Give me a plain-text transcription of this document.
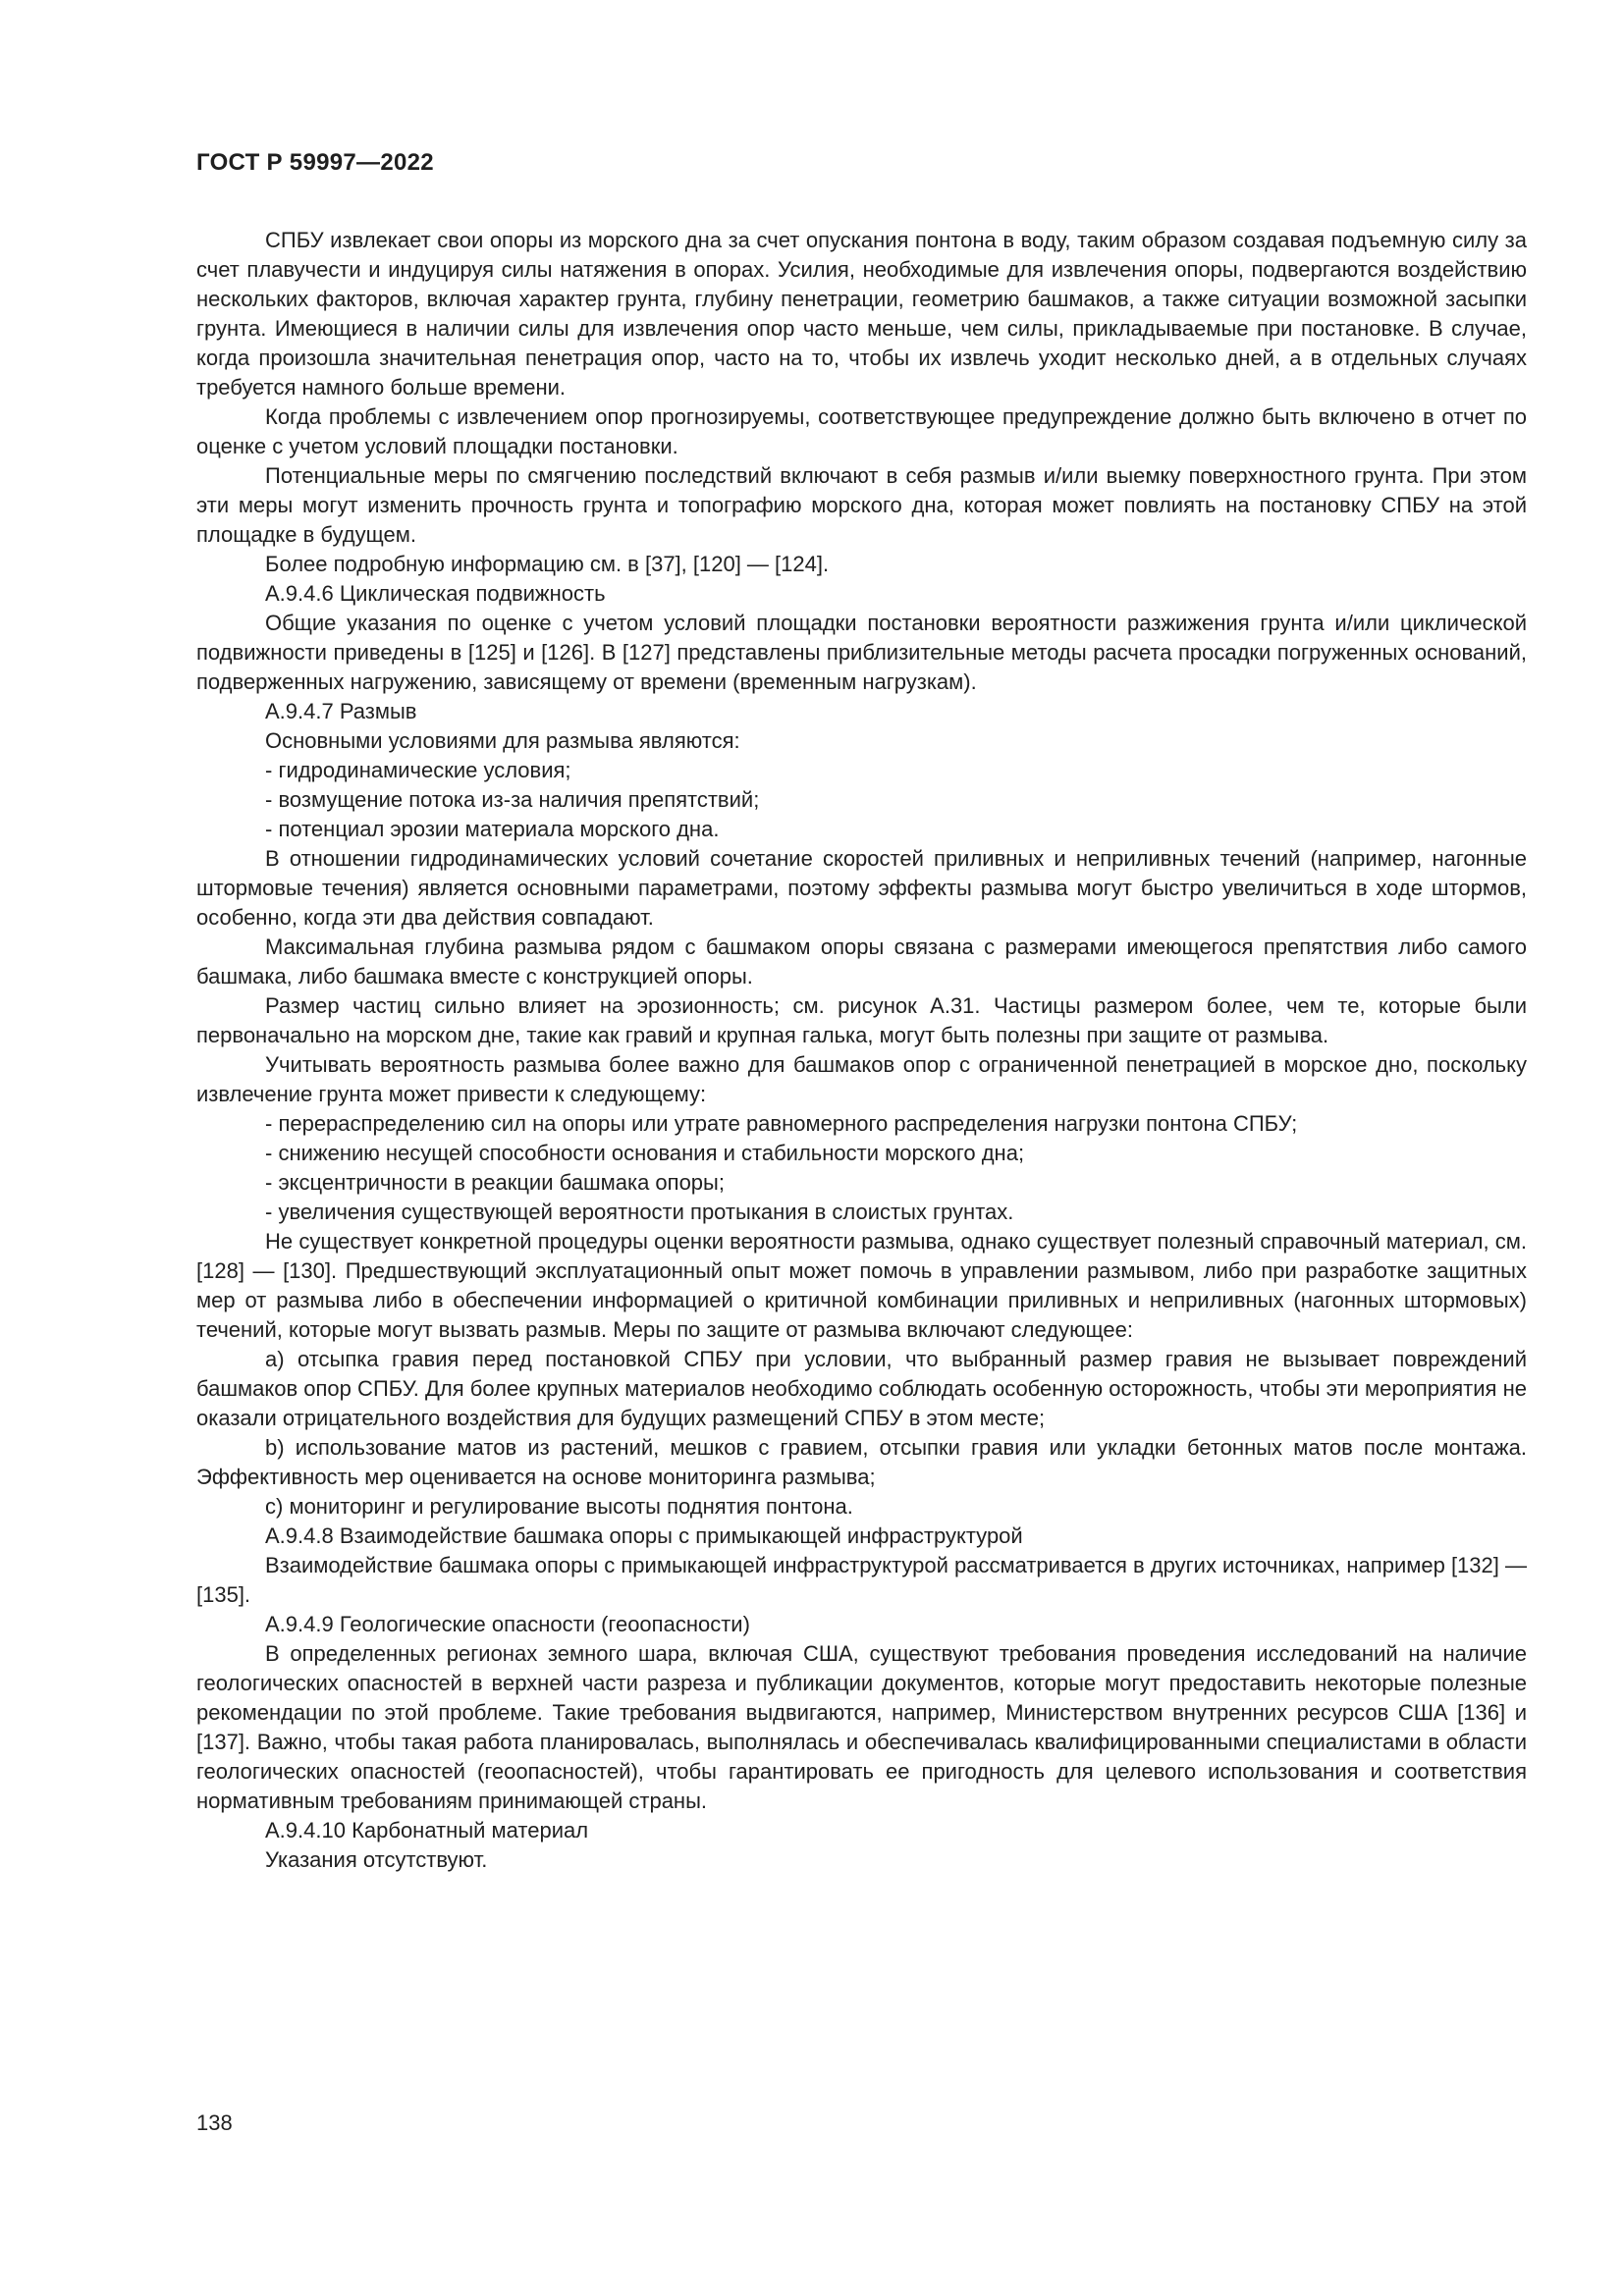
ГОСТ Р 59997—2022

СПБУ извлекает свои опоры из морского дна за счет опускания понтона в воду, таким образом создавая подъемную силу за счет плавучести и индуцируя силы натяжения в опорах. Усилия, необходимые для извлечения опоры, подвергаются воздействию нескольких факторов, включая характер грунта, глубину пенетрации, геометрию башмаков, а также ситуации возможной засыпки грунта. Имеющиеся в наличии силы для извлечения опор часто меньше, чем силы, прикладываемые при постановке. В случае, когда произошла значительная пенетрация опор, часто на то, чтобы их извлечь уходит несколько дней, а в отдельных случаях требуется намного больше времени.

Когда проблемы с извлечением опор прогнозируемы, соответствующее предупреждение должно быть включено в отчет по оценке с учетом условий площадки постановки.

Потенциальные меры по смягчению последствий включают в себя размыв и/или выемку поверхностного грунта. При этом эти меры могут изменить прочность грунта и топографию морского дна, которая может повлиять на постановку СПБУ на этой площадке в будущем.

Более подробную информацию см. в [37], [120] — [124].

А.9.4.6 Циклическая подвижность

Общие указания по оценке с учетом условий площадки постановки вероятности разжижения грунта и/или циклической подвижности приведены в [125] и [126]. В [127] представлены приблизительные методы расчета просадки погруженных оснований, подверженных нагружению, зависящему от времени (временным нагрузкам).

А.9.4.7 Размыв

Основными условиями для размыва являются:

- гидродинамические условия;

- возмущение потока из-за наличия препятствий;

- потенциал эрозии материала морского дна.

В отношении гидродинамических условий сочетание скоростей приливных и неприливных течений (например, нагонные штормовые течения) является основными параметрами, поэтому эффекты размыва могут быстро увеличиться в ходе штормов, особенно, когда эти два действия совпадают.

Максимальная глубина размыва рядом с башмаком опоры связана с размерами имеющегося препятствия либо самого башмака, либо башмака вместе с конструкцией опоры.

Размер частиц сильно влияет на эрозионность; см. рисунок А.31. Частицы размером более, чем те, которые были первоначально на морском дне, такие как гравий и крупная галька, могут быть полезны при защите от размыва.

Учитывать вероятность размыва более важно для башмаков опор с ограниченной пенетрацией в морское дно, поскольку извлечение грунта может привести к следующему:

- перераспределению сил на опоры или утрате равномерного распределения нагрузки понтона СПБУ;

- снижению несущей способности основания и стабильности морского дна;

- эксцентричности в реакции башмака опоры;

- увеличения существующей вероятности протыкания в слоистых грунтах.

Не существует конкретной процедуры оценки вероятности размыва, однако существует полезный справочный материал, см. [128] — [130]. Предшествующий эксплуатационный опыт может помочь в управлении размывом, либо при разработке защитных мер от размыва либо в обеспечении информацией о критичной комбинации приливных и неприливных (нагонных штормовых) течений, которые могут вызвать размыв. Меры по защите от размыва включают следующее:

а) отсыпка гравия перед постановкой СПБУ при условии, что выбранный размер гравия не вызывает повреждений башмаков опор СПБУ. Для более крупных материалов необходимо соблюдать особенную осторожность, чтобы эти мероприятия не оказали отрицательного воздействия для будущих размещений СПБУ в этом месте;

b) использование матов из растений, мешков с гравием, отсыпки гравия или укладки бетонных матов после монтажа. Эффективность мер оценивается на основе мониторинга размыва;

с) мониторинг и регулирование высоты поднятия понтона.

А.9.4.8 Взаимодействие башмака опоры с примыкающей инфраструктурой

Взаимодействие башмака опоры с примыкающей инфраструктурой рассматривается в других источниках, например [132] — [135].

А.9.4.9 Геологические опасности (геоопасности)

В определенных регионах земного шара, включая США, существуют требования проведения исследований на наличие геологических опасностей в верхней части разреза и публикации документов, которые могут предоставить некоторые полезные рекомендации по этой проблеме. Такие требования выдвигаются, например, Министерством внутренних ресурсов США [136] и [137]. Важно, чтобы такая работа планировалась, выполнялась и обеспечивалась квалифицированными специалистами в области геологических опасностей (геоопасностей), чтобы гарантировать ее пригодность для целевого использования и соответствия нормативным требованиям принимающей страны.

А.9.4.10 Карбонатный материал

Указания отсутствуют.

138
